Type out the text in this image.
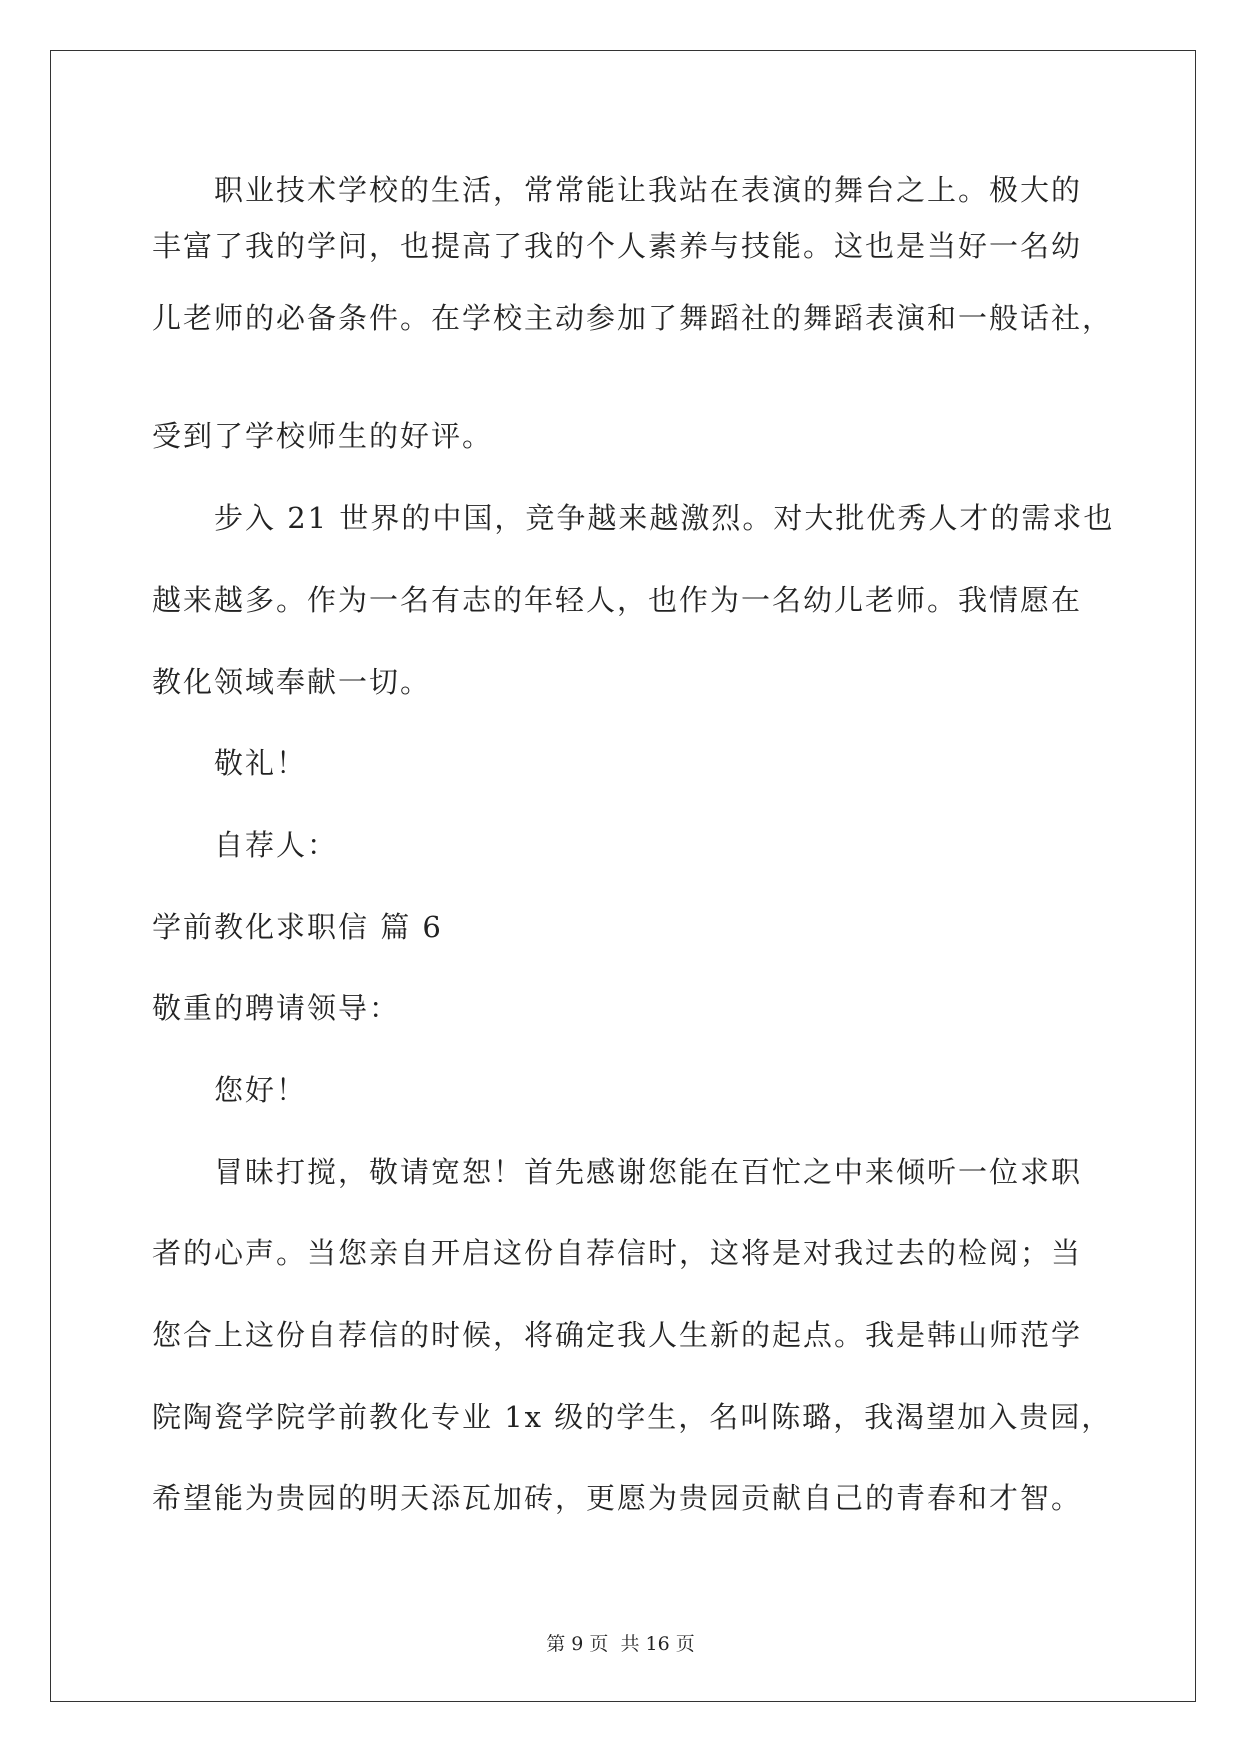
职业技术学校的生活，常常能让我站在表演的舞台之上。极大的
丰富了我的学问，也提高了我的个人素养与技能。这也是当好一名幼
儿老师的必备条件。在学校主动参加了舞蹈社的舞蹈表演和一般话社，
受到了学校师生的好评。
步入 21 世界的中国，竞争越来越激烈。对大批优秀人才的需求也
越来越多。作为一名有志的年轻人，也作为一名幼儿老师。我情愿在
教化领域奉献一切。
敬礼！
自荐人：
学前教化求职信 篇 6
敬重的聘请领导：
您好！
冒昧打搅，敬请宽恕！首先感谢您能在百忙之中来倾听一位求职
者的心声。当您亲自开启这份自荐信时，这将是对我过去的检阅；当
您合上这份自荐信的时候，将确定我人生新的起点。我是韩山师范学
院陶瓷学院学前教化专业 1x 级的学生，名叫陈璐，我渴望加入贵园，
希望能为贵园的明天添瓦加砖，更愿为贵园贡献自己的青春和才智。
第 9 页 共 16 页
